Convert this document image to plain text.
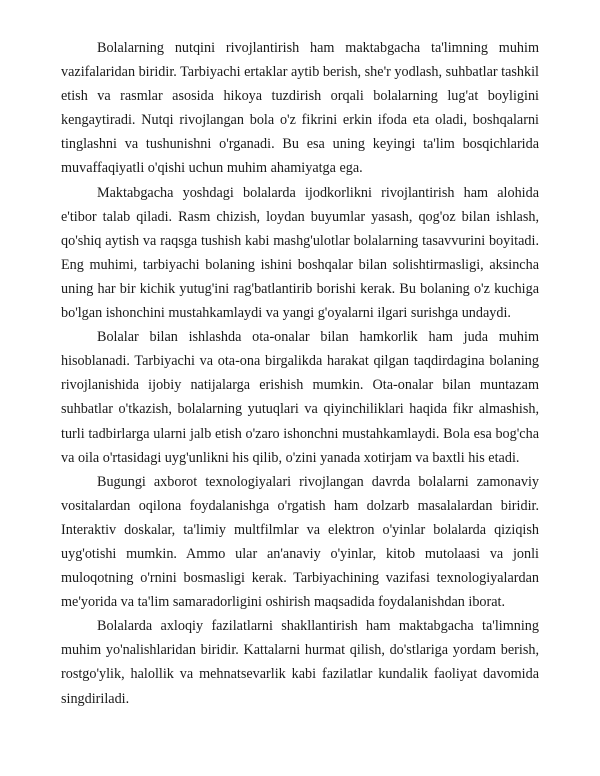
Bolalarning nutqini rivojlantirish ham maktabgacha ta'limning muhim vazifalaridan biridir. Tarbiyachi ertaklar aytib berish, she'r yodlash, suhbatlar tashkil etish va rasmlar asosida hikoya tuzdirish orqali bolalarning lug'at boyligini kengaytiradi. Nutqi rivojlangan bola o'z fikrini erkin ifoda eta oladi, boshqalarni tinglashni va tushunishni o'rganadi. Bu esa uning keyingi ta'lim bosqichlarida muvaffaqiyatli o'qishi uchun muhim ahamiyatga ega.

Maktabgacha yoshdagi bolalarda ijodkorlikni rivojlantirish ham alohida e'tibor talab qiladi. Rasm chizish, loydan buyumlar yasash, qog'oz bilan ishlash, qo'shiq aytish va raqsga tushish kabi mashg'ulotlar bolalarning tasavvurini boyitadi. Eng muhimi, tarbiyachi bolaning ishini boshqalar bilan solishtirmasligi, aksincha uning har bir kichik yutug'ini rag'batlantirib borishi kerak. Bu bolaning o'z kuchiga bo'lgan ishonchini mustahkamlaydi va yangi g'oyalarni ilgari surishga undaydi.

Bolalar bilan ishlashda ota-onalar bilan hamkorlik ham juda muhim hisoblanadi. Tarbiyachi va ota-ona birgalikda harakat qilgan taqdirdagina bolaning rivojlanishida ijobiy natijalarga erishish mumkin. Ota-onalar bilan muntazam suhbatlar o'tkazish, bolalarning yutuqlari va qiyinchiliklari haqida fikr almashish, turli tadbirlarga ularni jalb etish o'zaro ishonchni mustahkamlaydi. Bola esa bog'cha va oila o'rtasidagi uyg'unlikni his qilib, o'zini yanada xotirjam va baxtli his etadi.

Bugungi axborot texnologiyalari rivojlangan davrda bolalarni zamonaviy vositalardan oqilona foydalanishga o'rgatish ham dolzarb masalalardan biridir. Interaktiv doskalar, ta'limiy multfilmlar va elektron o'yinlar bolalarda qiziqish uyg'otishi mumkin. Ammo ular an'anaviy o'yinlar, kitob mutolaasi va jonli muloqotning o'rnini bosmasligi kerak. Tarbiyachining vazifasi texnologiyalardan me'yorida va ta'lim samaradorligini oshirish maqsadida foydalanishdan iborat.

Bolalarda axloqiy fazilatlarni shakllantirish ham maktabgacha ta'limning muhim yo'nalishlaridan biridir. Kattalarni hurmat qilish, do'stlariga yordam berish, rostgo'ylik, halollik va mehnatsevarlik kabi fazilatlar kundalik faoliyat davomida singdiriladi.
